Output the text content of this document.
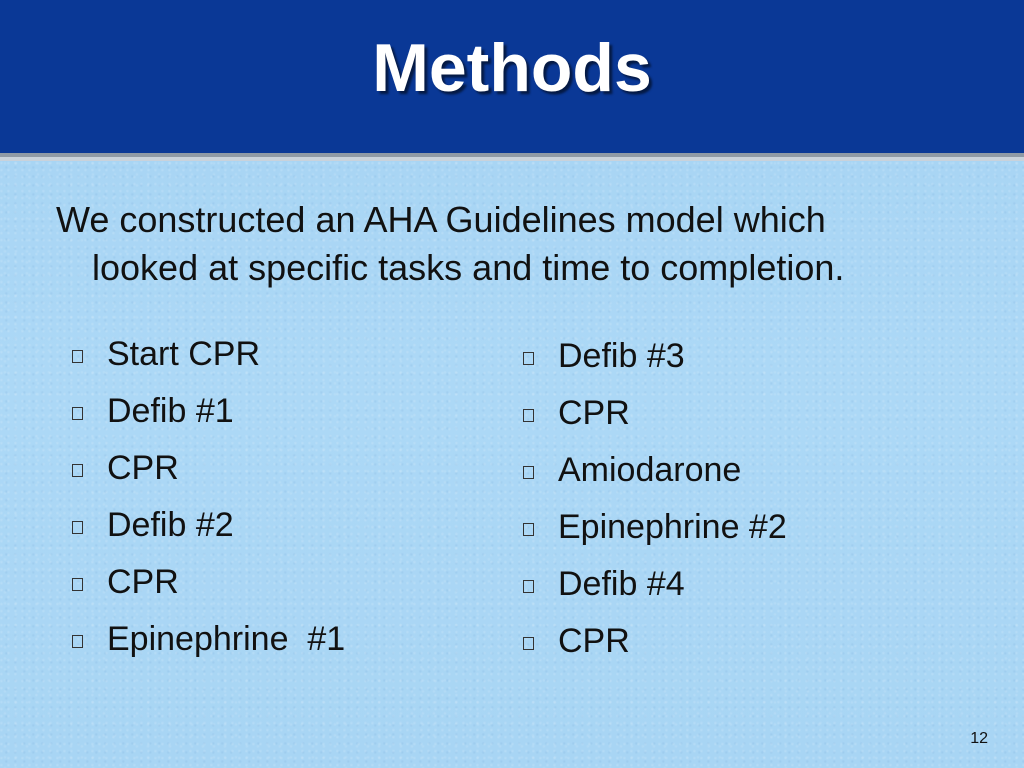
Methods

We constructed an AHA Guidelines model which
looked at specific tasks and time to completion.

Start CPR
Defib #1
CPR
Defib #2
CPR
Epinephrine  #1
Defib #3
CPR
Amiodarone
Epinephrine #2
Defib #4
CPR
12
